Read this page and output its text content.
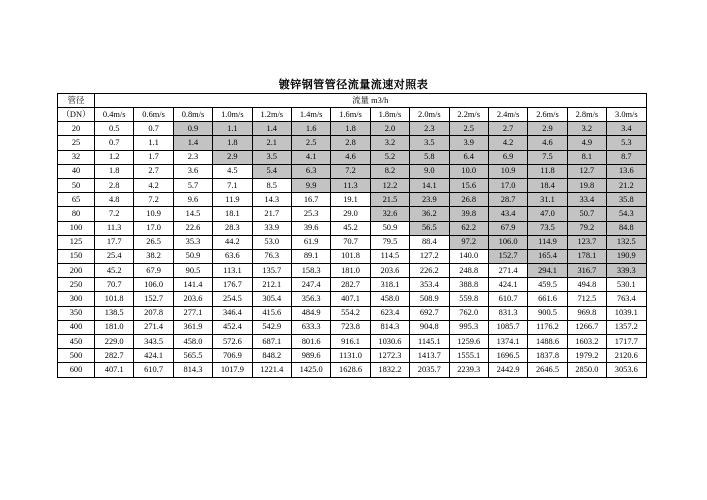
镀锌钢管管径流量流速对照表
管径	流量 m3/h													
（DN）	0.4m/s	0.6m/s	0.8m/s	1.0m/s	1.2m/s	1.4m/s	1.6m/s	1.8m/s	2.0m/s	2.2m/s	2.4m/s	2.6m/s	2.8m/s	3.0m/s
20	0.5	0.7	0.9	1.1	1.4	1.6	1.8	2.0	2.3	2.5	2.7	2.9	3.2	3.4
25	0.7	1.1	1.4	1.8	2.1	2.5	2.8	3.2	3.5	3.9	4.2	4.6	4.9	5.3
32	1.2	1.7	2.3	2.9	3.5	4.1	4.6	5.2	5.8	6.4	6.9	7.5	8.1	8.7
40	1.8	2.7	3.6	4.5	5.4	6.3	7.2	8.2	9.0	10.0	10.9	11.8	12.7	13.6
50	2.8	4.2	5.7	7.1	8.5	9.9	11.3	12.2	14.1	15.6	17.0	18.4	19.8	21.2
65	4.8	7.2	9.6	11.9	14.3	16.7	19.1	21.5	23.9	26.8	28.7	31.1	33.4	35.8
80	7.2	10.9	14.5	18.1	21.7	25.3	29.0	32.6	36.2	39.8	43.4	47.0	50.7	54.3
100	11.3	17.0	22.6	28.3	33.9	39.6	45.2	50.9	56.5	62.2	67.9	73.5	79.2	84.8
125	17.7	26.5	35.3	44.2	53.0	61.9	70.7	79.5	88.4	97.2	106.0	114.9	123.7	132.5
150	25.4	38.2	50.9	63.6	76.3	89.1	101.8	114.5	127.2	140.0	152.7	165.4	178.1	190.9
200	45.2	67.9	90.5	113.1	135.7	158.3	181.0	203.6	226.2	248.8	271.4	294.1	316.7	339.3
250	70.7	106.0	141.4	176.7	212.1	247.4	282.7	318.1	353.4	388.8	424.1	459.5	494.8	530.1
300	101.8	152.7	203.6	254.5	305.4	356.3	407.1	458.0	508.9	559.8	610.7	661.6	712.5	763.4
350	138.5	207.8	277.1	346.4	415.6	484.9	554.2	623.4	692.7	762.0	831.3	900.5	969.8	1039.1
400	181.0	271.4	361.9	452.4	542.9	633.3	723.8	814.3	904.8	995.3	1085.7	1176.2	1266.7	1357.2
450	229.0	343.5	458.0	572.6	687.1	801.6	916.1	1030.6	1145.1	1259.6	1374.1	1488.6	1603.2	1717.7
500	282.7	424.1	565.5	706.9	848.2	989.6	1131.0	1272.3	1413.7	1555.1	1696.5	1837.8	1979.2	2120.6
600	407.1	610.7	814.3	1017.9	1221.4	1425.0	1628.6	1832.2	2035.7	2239.3	2442.9	2646.5	2850.0	3053.6
